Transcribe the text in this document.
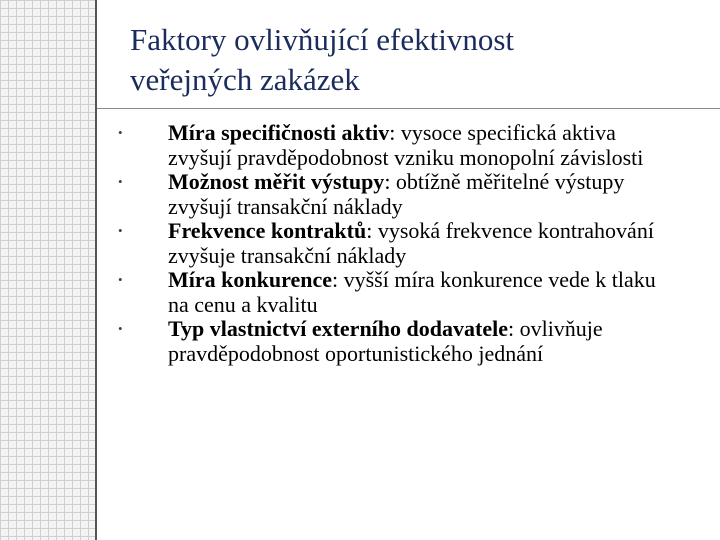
Faktory ovlivňující efektivnost
veřejných zakázek
•	Míra specifičnosti aktiv: vysoce specifická aktiva zvyšují pravděpodobnost vzniku monopolní závislosti
•	Možnost měřit výstupy: obtížně měřitelné výstupy zvyšují transakční náklady
•	Frekvence kontraktů: vysoká frekvence kontrahování zvyšuje transakční náklady
•	Míra konkurence: vyšší míra konkurence vede k tlaku na cenu a kvalitu
•	Typ vlastnictví externího dodavatele: ovlivňuje pravděpodobnost oportunistického jednání
